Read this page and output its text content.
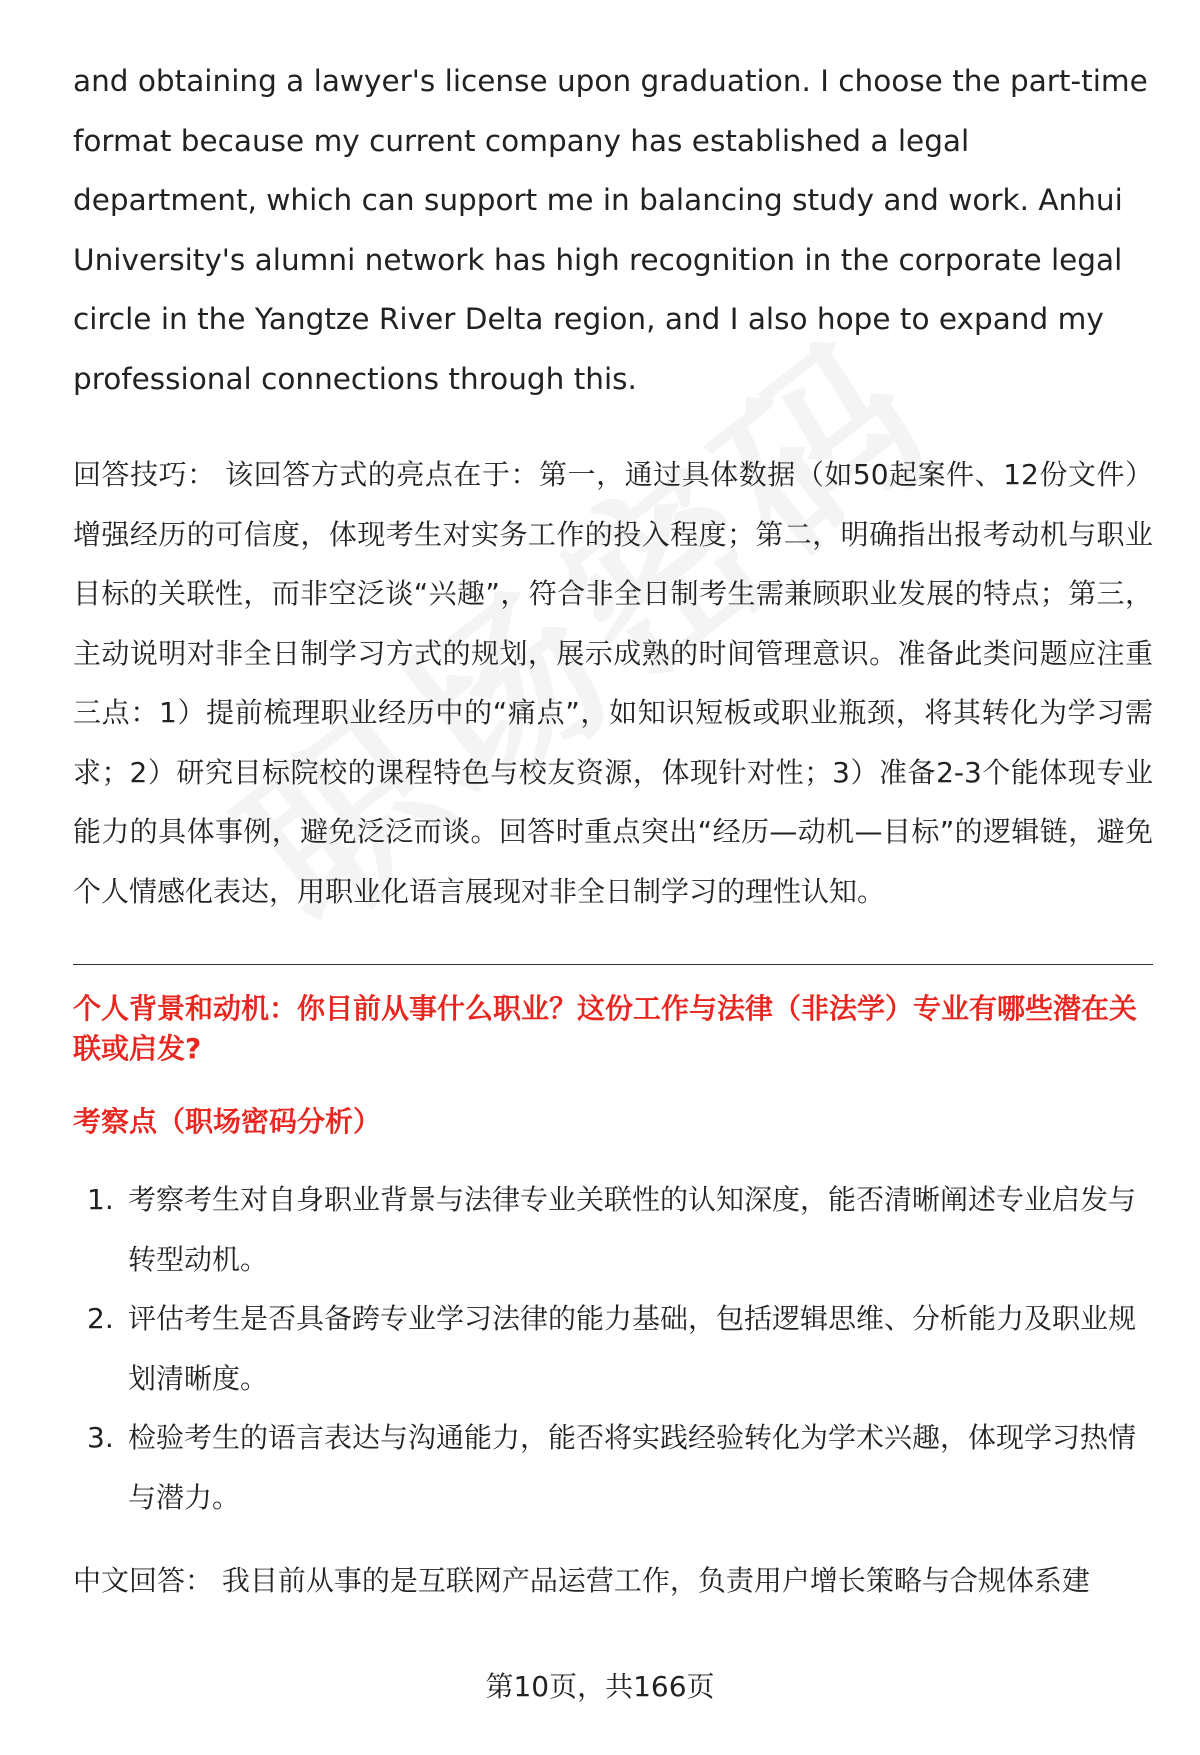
and obtaining a lawyer's license upon graduation. I choose the part-time format because my current company has established a legal department, which can support me in balancing study and work. Anhui University's alumni network has high recognition in the corporate legal circle in the Yangtze River Delta region, and I also hope to expand my professional connections through this.

回答技巧： 该回答方式的亮点在于：第一，通过具体数据（如50起案件、12份文件）增强经历的可信度，体现考生对实务工作的投入程度；第二，明确指出报考动机与职业目标的关联性，而非空泛谈“兴趣”，符合非全日制考生需兼顾职业发展的特点；第三，主动说明对非全日制学习方式的规划，展示成熟的时间管理意识。准备此类问题应注重三点：1）提前梳理职业经历中的“痛点”，如知识短板或职业瓶颈，将其转化为学习需求；2）研究目标院校的课程特色与校友资源，体现针对性；3）准备2-3个能体现专业能力的具体事例，避免泛泛而谈。回答时重点突出“经历—动机—目标”的逻辑链，避免个人情感化表达，用职业化语言展现对非全日制学习的理性认知。

个人背景和动机：你目前从事什么职业？这份工作与法律（非法学）专业有哪些潜在关联或启发?
考察点（职场密码分析）
1. 考察考生对自身职业背景与法律专业关联性的认知深度，能否清晰阐述专业启发与转型动机。
2. 评估考生是否具备跨专业学习法律的能力基础，包括逻辑思维、分析能力及职业规划清晰度。
3. 检验考生的语言表达与沟通能力，能否将实践经验转化为学术兴趣，体现学习热情与潜力。

中文回答： 我目前从事的是互联网产品运营工作，负责用户增长策略与合规体系建

第10页，共166页
